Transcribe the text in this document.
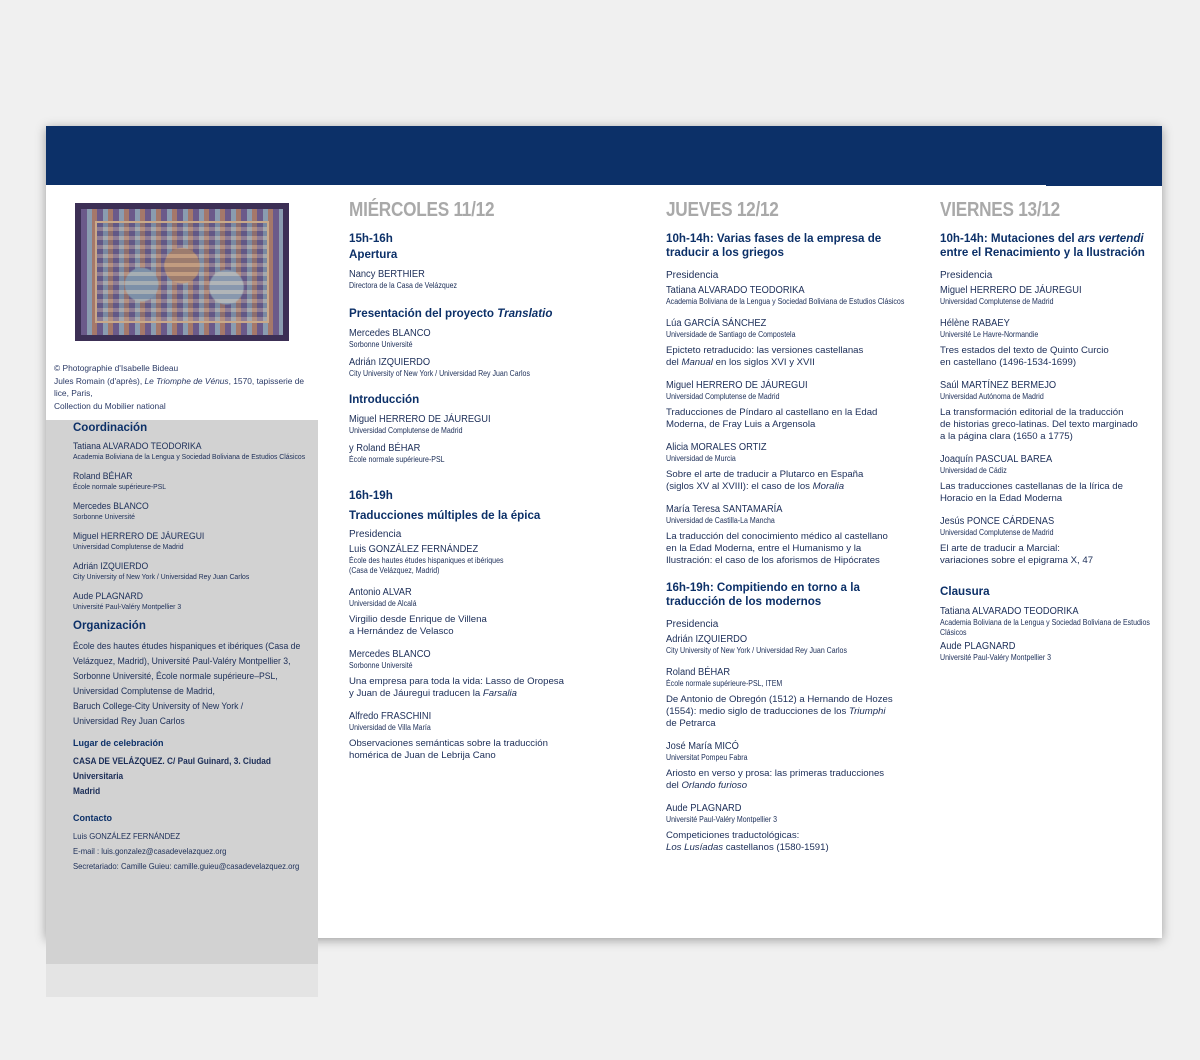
© Photographie d'Isabelle Bideau
Jules Romain (d'après), Le Triomphe de Vénus, 1570, tapisserie de lice, Paris,
Collection du Mobilier national
Coordinación
Tatiana ALVARADO TEODORIKA
Academia Boliviana de la Lengua y Sociedad Boliviana de Estudios Clásicos
Roland BÉHAR
École normale supérieure-PSL
Mercedes BLANCO
Sorbonne Université
Miguel HERRERO DE JÁUREGUI
Universidad Complutense de Madrid
Adrián IZQUIERDO
City University of New York / Universidad Rey Juan Carlos
Aude PLAGNARD
Université Paul-Valéry Montpellier 3
Organización
École des hautes études hispaniques et ibériques (Casa de
Velázquez, Madrid), Université Paul-Valéry Montpellier 3,
Sorbonne Université, École normale supérieure–PSL,
Universidad Complutense de Madrid,
Baruch College-City University of New York /
Universidad Rey Juan Carlos
Lugar de celebración
CASA DE VELÁZQUEZ. C/ Paul Guinard, 3. Ciudad Universitaria
Madrid
Contacto
Luis GONZÁLEZ FERNÁNDEZ
E-mail : luis.gonzalez@casadevelazquez.org
Secretariado: Camille Guieu: camille.guieu@casadevelazquez.org
MIÉRCOLES 11/12
15h-16h
Apertura
Nancy BERTHIER
Directora de la Casa de Velázquez
Presentación del proyecto Translatio
Mercedes BLANCO
Sorbonne Université
Adrián IZQUIERDO
City University of New York / Universidad Rey Juan Carlos
Introducción
Miguel HERRERO DE JÁUREGUI
Universidad Complutense de Madrid
y Roland BÉHAR
École normale supérieure-PSL
16h-19h
Traducciones múltiples de la épica
Presidencia
Luis GONZÁLEZ FERNÁNDEZ
École des hautes études hispaniques et ibériques
(Casa de Velázquez, Madrid)
Antonio ALVAR
Universidad de Alcalá
Virgilio desde Enrique de Villena
a Hernández de Velasco
Mercedes BLANCO
Sorbonne Université
Una empresa para toda la vida: Lasso de Oropesa
y Juan de Jáuregui traducen la Farsalia
Alfredo FRASCHINI
Universidad de Villa María
Observaciones semánticas sobre la traducción
homérica de Juan de Lebrija Cano
JUEVES 12/12
10h-14h: Varias fases de la empresa de
traducir a los griegos
Presidencia
Tatiana ALVARADO TEODORIKA
Academia Boliviana de la Lengua y Sociedad Boliviana de Estudios Clásicos
Lúa GARCÍA SÁNCHEZ
Universidade de Santiago de Compostela
Epicteto retraducido: las versiones castellanas
del Manual en los siglos XVI y XVII
Miguel HERRERO DE JÁUREGUI
Universidad Complutense de Madrid
Traducciones de Píndaro al castellano en la Edad
Moderna, de Fray Luis a Argensola
Alicia MORALES ORTIZ
Universidad de Murcia
Sobre el arte de traducir a Plutarco en España
(siglos XV al XVIII): el caso de los Moralia
María Teresa SANTAMARÍA
Universidad de Castilla-La Mancha
La traducción del conocimiento médico al castellano
en la Edad Moderna, entre el Humanismo y la
Ilustración: el caso de los aforismos de Hipócrates
16h-19h: Compitiendo en torno a la
traducción de los modernos
Presidencia
Adrián IZQUIERDO
City University of New York / Universidad Rey Juan Carlos
Roland BÉHAR
École normale supérieure-PSL, ITEM
De Antonio de Obregón (1512) a Hernando de Hozes
(1554): medio siglo de traducciones de los Triumphi
de Petrarca
José María MICÓ
Universitat Pompeu Fabra
Ariosto en verso y prosa: las primeras traducciones
del Orlando furioso
Aude PLAGNARD
Université Paul-Valéry Montpellier 3
Competiciones traductológicas:
Los Lusíadas castellanos (1580-1591)
VIERNES 13/12
10h-14h: Mutaciones del ars vertendi
entre el Renacimiento y la Ilustración
Presidencia
Miguel HERRERO DE JÁUREGUI
Universidad Complutense de Madrid
Hélène RABAEY
Université Le Havre-Normandie
Tres estados del texto de Quinto Curcio
en castellano (1496-1534-1699)
Saúl MARTÍNEZ BERMEJO
Universidad Autónoma de Madrid
La transformación editorial de la traducción
de historias greco-latinas. Del texto marginado
a la página clara (1650 a 1775)
Joaquín PASCUAL BAREA
Universidad de Cádiz
Las traducciones castellanas de la lírica de
Horacio en la Edad Moderna
Jesús PONCE CÁRDENAS
Universidad Complutense de Madrid
El arte de traducir a Marcial:
variaciones sobre el epigrama X, 47
Clausura
Tatiana ALVARADO TEODORIKA
Academia Boliviana de la Lengua y Sociedad Boliviana de Estudios
Clásicos
Aude PLAGNARD
Université Paul-Valéry Montpellier 3
